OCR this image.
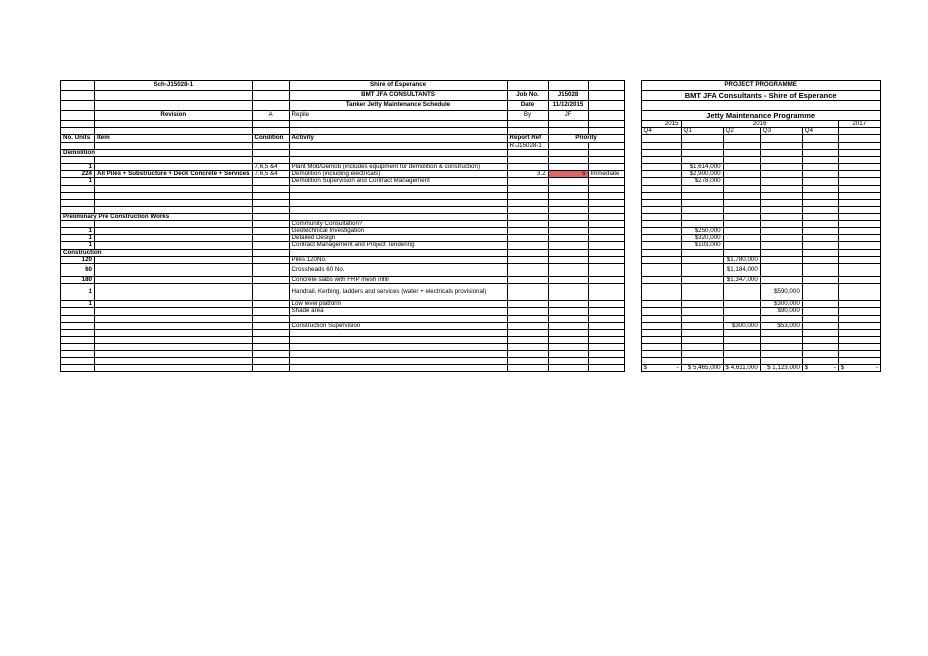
	Sch-J15028-1		Shire of Esperance					PROJECT PROGRAMME					
			BMT JFA CONSULTANTS	Job No.	J15028			BMT JFA Consultants - Shire of Esperance					
			Tanker Jetty Maintenance Schedule	Date	11/12/2015								
	Revision	A	Repile	By	JF			Jetty Maintenance Programme					
								2015	2016				2017
								Q4	Q1	Q2	Q3	Q4	
No. Units	Item	Condition	Activity	Report Ref	Priority								
				R-J15028-1									
Demolition													

1		7,6,5 &4	Plant Mob/Demob (includes equipment for demolition & construction)						$1,614,000				
224	All Piles + Substructure + Deck Concrete + Services	7,6,5 &4	Demolition (including electricals)	3.2	5	Immediate			$2,900,000				
1			Demolition Supervision and Contract Management						$278,000				

Preliminary Pre Construction Works													
			Community Consultation?										
1			Geotechnical Investigation						$250,000				
1			Detailed Design						$320,000				
1			Contract Management and Project Tendering						$103,000				
Construction													
120			Piles 120No.							$1,780,000			
60			Crossheads 60 No.							$1,184,000			
180			Concrete slabs with FRP mesh infill							$1,347,000			
1			Handrail, Kerbing, ladders and services (water + electricals provisional)								$590,000		
1			Low level platform								$300,000		
			Shade area								$90,000		

			Construction Supervision							$300,000	$53,000		

								$ -	$ 5,465,000	$ 4,611,000	$ 1,123,000	$ -	$ -
